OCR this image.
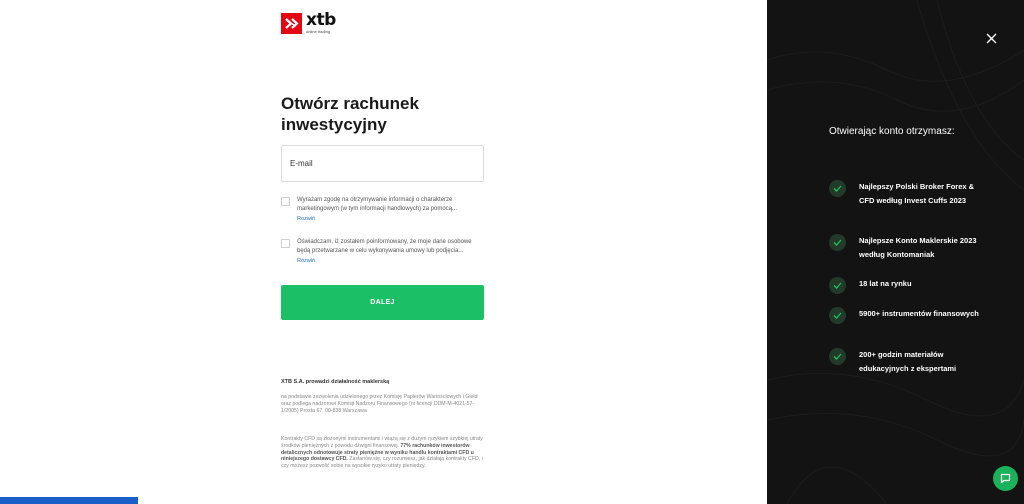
xtb
online trading
Otwórz rachunek inwestycyjny
E-mail
Wyrażam zgodę na otrzymywanie informacji o charakterze marketingowym (w tym informacji handlowych) za pomocą...
Rozwiń
Oświadczam, iż zostałem poinformowany, że moje dane osobowe będą przetwarzane w celu wykonywania umowy lub podjęcia...
Rozwiń
DALEJ
XTB S.A. prowadzi działalność maklerską
na podstawie zezwolenia udzielonego przez Komisję Papierów Wartościowych i Giełd oraz podlega nadzorowi Komisji Nadzoru Finansowego (nr licencji DDM-M-4021-57-1/2005) Prosta 67, 00-838 Warszawa
Kontrakty CFD są złożonymi instrumentami i wiążą się z dużym ryzykiem szybkiej utraty środków pieniężnych z powodu dźwigni finansowej. 77% rachunków inwestorów detalicznych odnotowuje straty pieniężne w wyniku handlu kontraktami CFD u niniejszego dostawcy CFD. Zastanów się, czy rozumiesz, jak działają kontrakty CFD, i czy możesz pozwolić sobie na wysokie ryzyko utraty pieniędzy.
Otwierając konto otrzymasz:
Najlepszy Polski Broker Forex & CFD według Invest Cuffs 2023
Najlepsze Konto Maklerskie 2023 według Kontomaniak
18 lat na rynku
5900+ instrumentów finansowych
200+ godzin materiałów edukacyjnych z ekspertami
